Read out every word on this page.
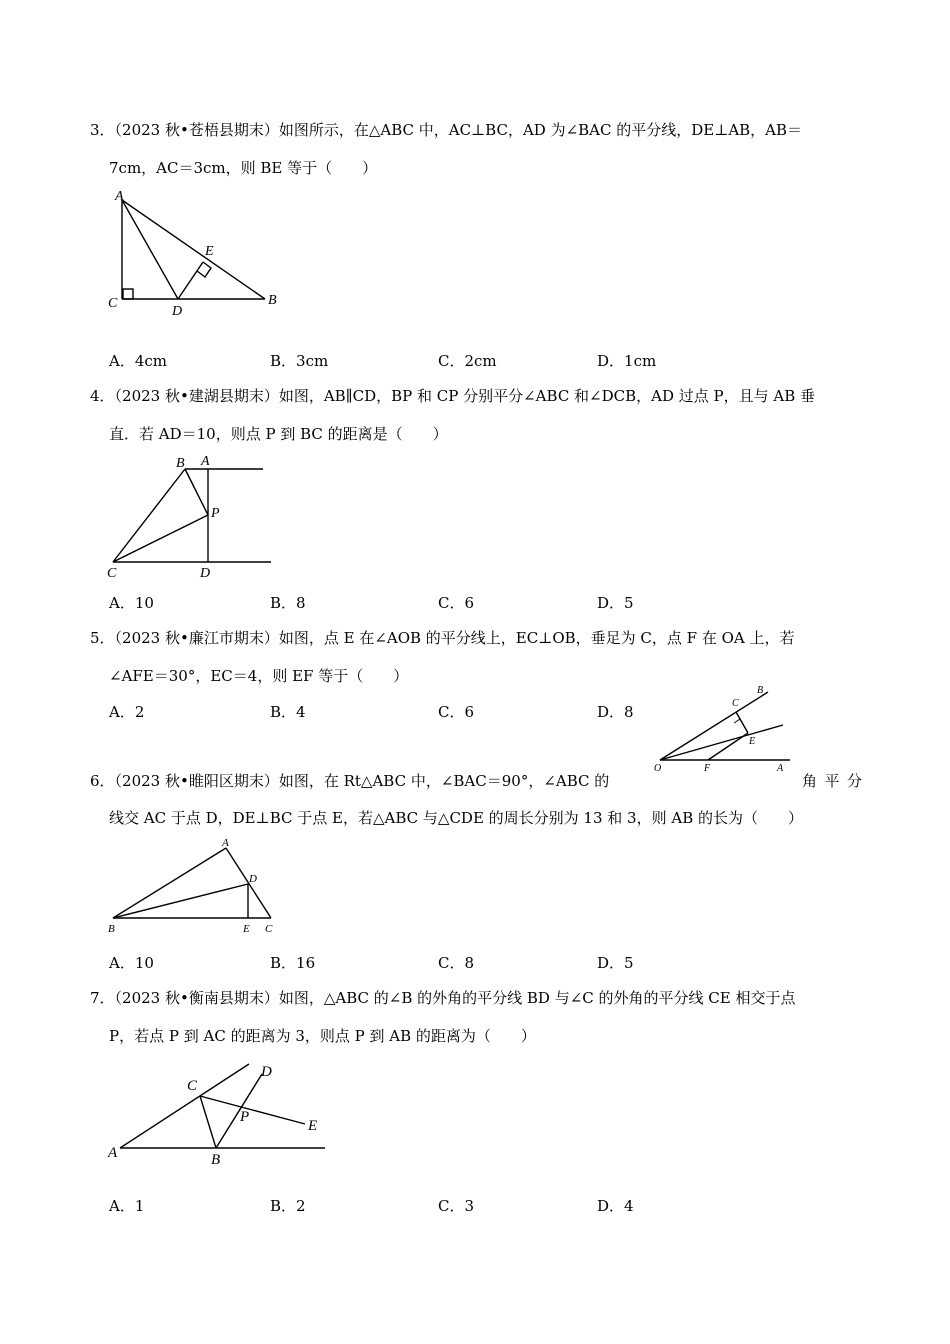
3．（2023 秋•苍梧县期末）如图所示，在△ABC 中，AC⊥BC，AD 为∠BAC 的平分线，DE⊥AB，AB＝
7cm，AC＝3cm，则 BE 等于（　　）
A
C
D
E
B
A．4cm	B．3cm	C．2cm	D．1cm
4．（2023 秋•建湖县期末）如图，AB∥CD，BP 和 CP 分别平分∠ABC 和∠DCB，AD 过点 P，且与 AB 垂
直．若 AD＝10，则点 P 到 BC 的距离是（　　）
B A
P
C	D
A．10	B．8	C．6	D．5
5．（2023 秋•廉江市期末）如图，点 E 在∠AOB 的平分线上，EC⊥OB，垂足为 C，点 F 在 OA 上，若
∠AFE＝30°，EC＝4，则 EF 等于（　　）
A．2	B．4	C．6	D．8
B
C
E
O	F	A
6．（2023 秋•睢阳区期末）如图，在 Rt△ABC 中，∠BAC＝90°，∠ABC 的	角 平 分
线交 AC 于点 D，DE⊥BC 于点 E，若△ABC 与△CDE 的周长分别为 13 和 3，则 AB 的长为（　　）
A
D
B	E C
A．10	B．16	C．8	D．5
7．（2023 秋•衡南县期末）如图，△ABC 的∠B 的外角的平分线 BD 与∠C 的外角的平分线 CE 相交于点
P，若点 P 到 AC 的距离为 3，则点 P 到 AB 的距离为（　　）
C
D
P
E
A	B
A．1	B．2	C．3	D．4
